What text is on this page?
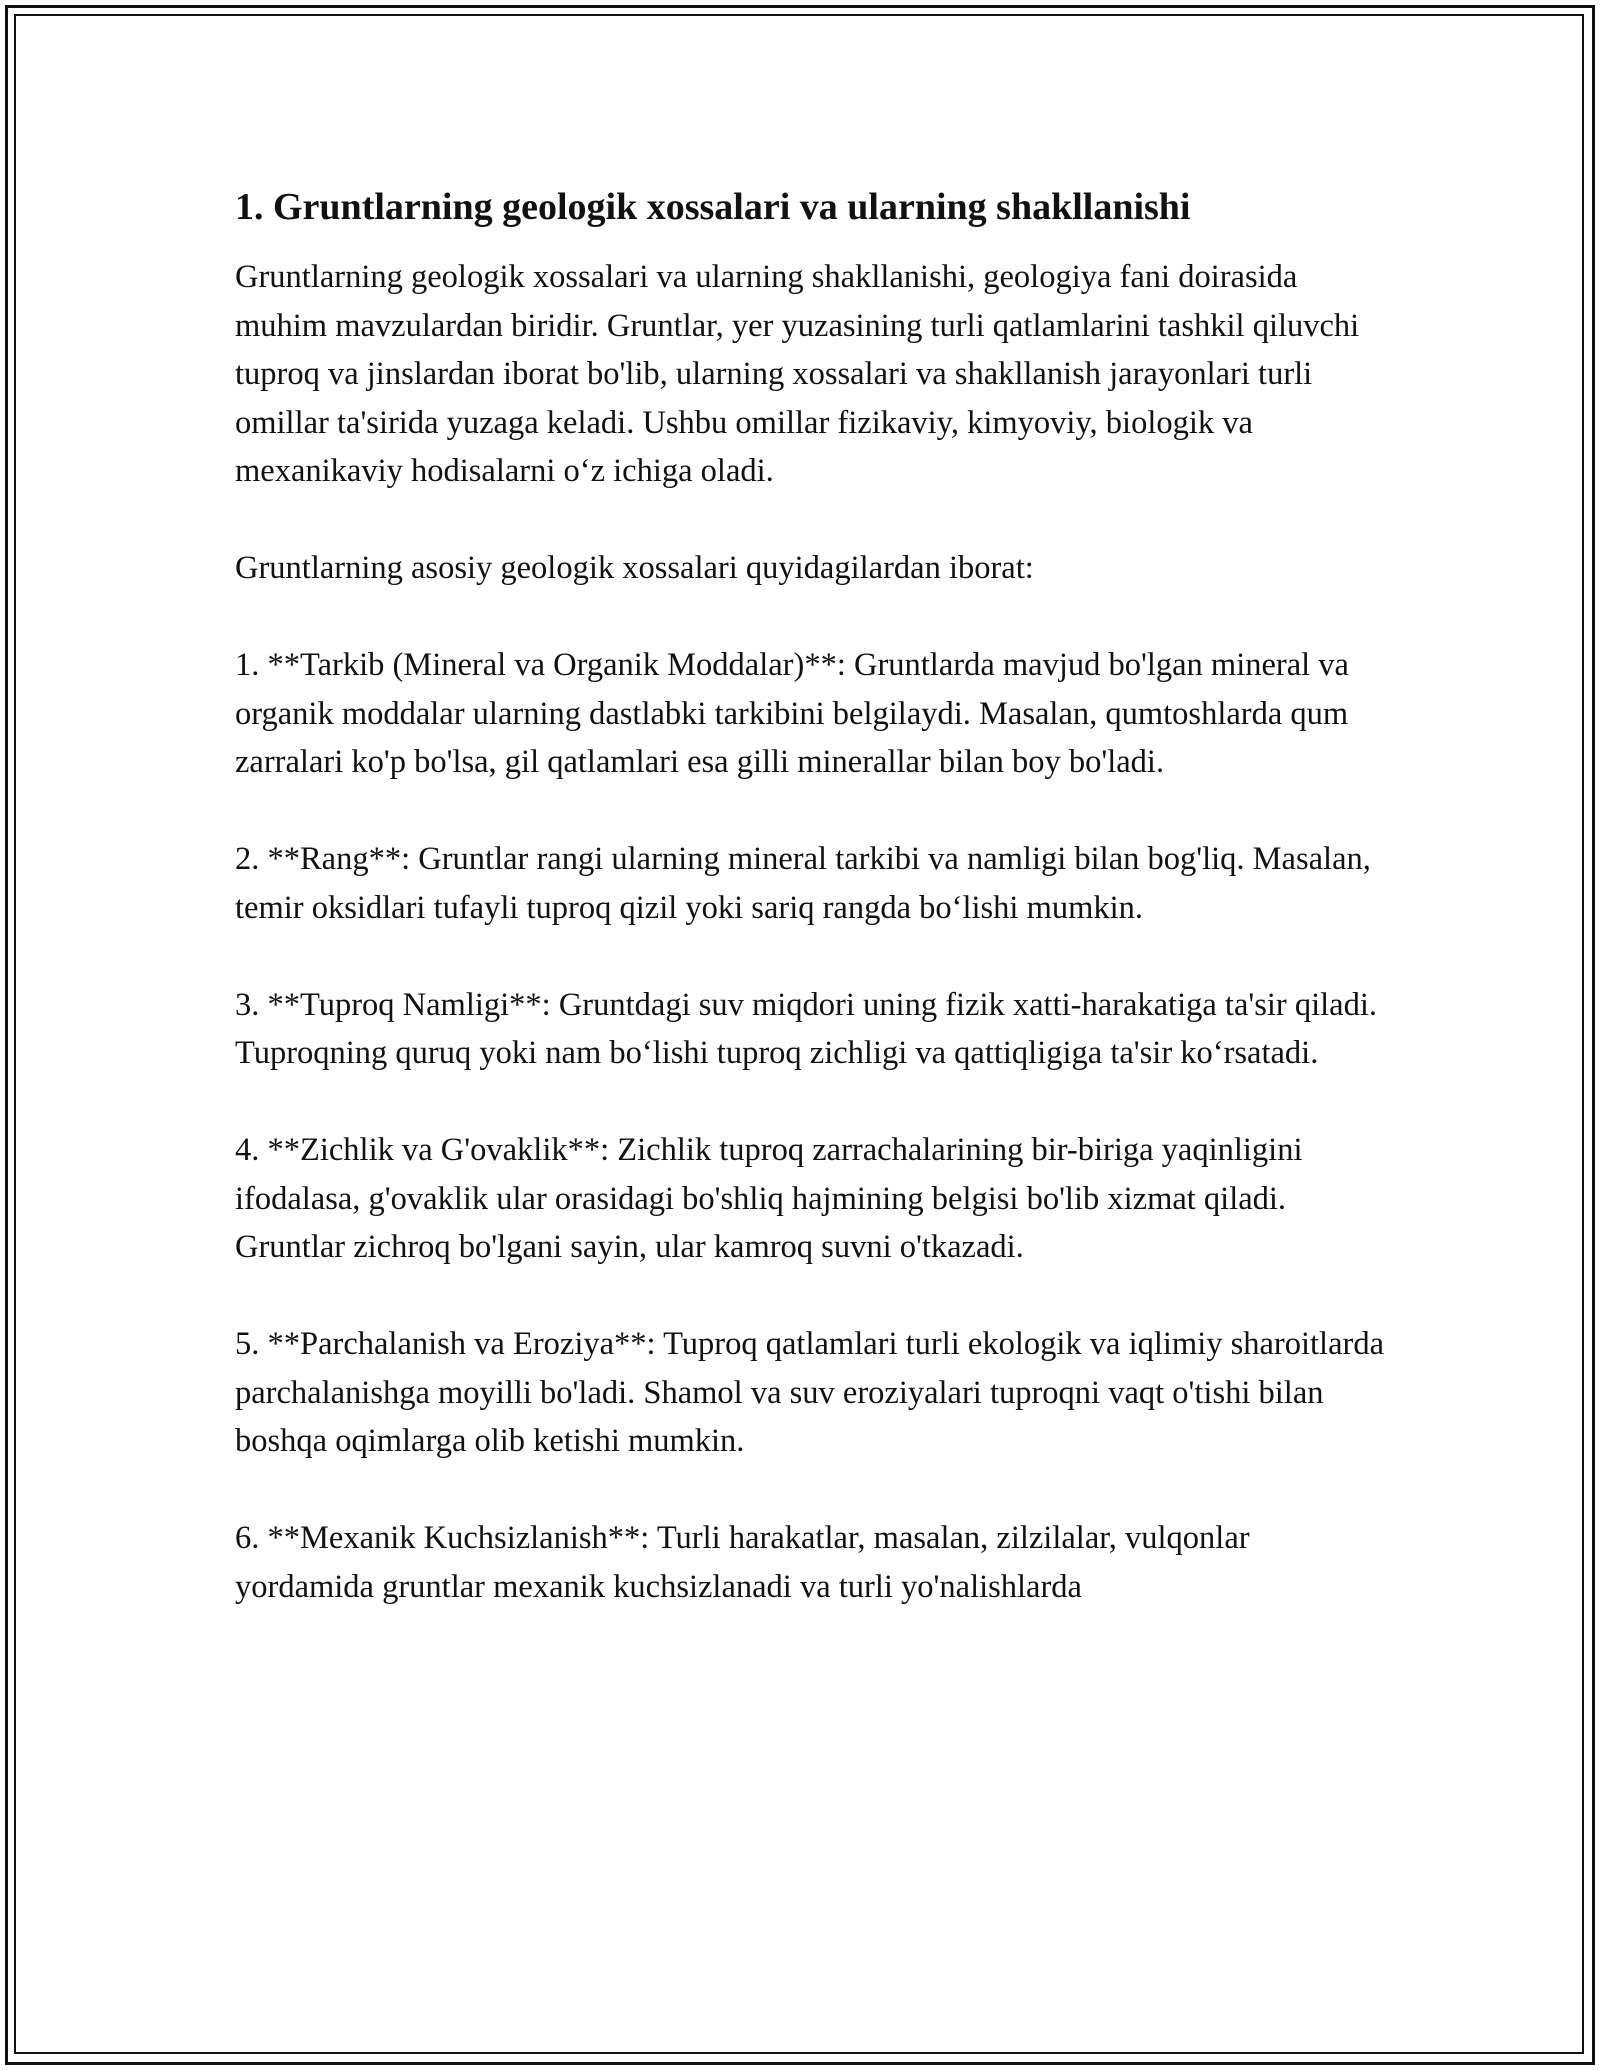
1. Gruntlarning geologik xossalari va ularning shakllanishi

Gruntlarning geologik xossalari va ularning shakllanishi, geologiya fani doirasida muhim mavzulardan biridir. Gruntlar, yer yuzasining turli qatlamlarini tashkil qiluvchi tuproq va jinslardan iborat bo'lib, ularning xossalari va shakllanish jarayonlari turli omillar ta'sirida yuzaga keladi. Ushbu omillar fizikaviy, kimyoviy, biologik va mexanikaviy hodisalarni o‘z ichiga oladi.

Gruntlarning asosiy geologik xossalari quyidagilardan iborat:

1. **Tarkib (Mineral va Organik Moddalar)**: Gruntlarda mavjud bo'lgan mineral va organik moddalar ularning dastlabki tarkibini belgilaydi. Masalan, qumtoshlarda qum zarralari ko'p bo'lsa, gil qatlamlari esa gilli minerallar bilan boy bo'ladi.

2. **Rang**: Gruntlar rangi ularning mineral tarkibi va namligi bilan bog'liq. Masalan, temir oksidlari tufayli tuproq qizil yoki sariq rangda bo‘lishi mumkin.

3. **Tuproq Namligi**: Gruntdagi suv miqdori uning fizik xatti-harakatiga ta'sir qiladi. Tuproqning quruq yoki nam bo‘lishi tuproq zichligi va qattiqligiga ta'sir ko‘rsatadi.

4. **Zichlik va G'ovaklik**: Zichlik tuproq zarrachalarining bir-biriga yaqinligini ifodalasa, g'ovaklik ular orasidagi bo'shliq hajmining belgisi bo'lib xizmat qiladi. Gruntlar zichroq bo'lgani sayin, ular kamroq suvni o'tkazadi.

5. **Parchalanish va Eroziya**: Tuproq qatlamlari turli ekologik va iqlimiy sharoitlarda parchalanishga moyilli bo'ladi. Shamol va suv eroziyalari tuproqni vaqt o'tishi bilan boshqa oqimlarga olib ketishi mumkin.

6. **Mexanik Kuchsizlanish**: Turli harakatlar, masalan, zilzilalar, vulqonlar yordamida gruntlar mexanik kuchsizlanadi va turli yo'nalishlarda
